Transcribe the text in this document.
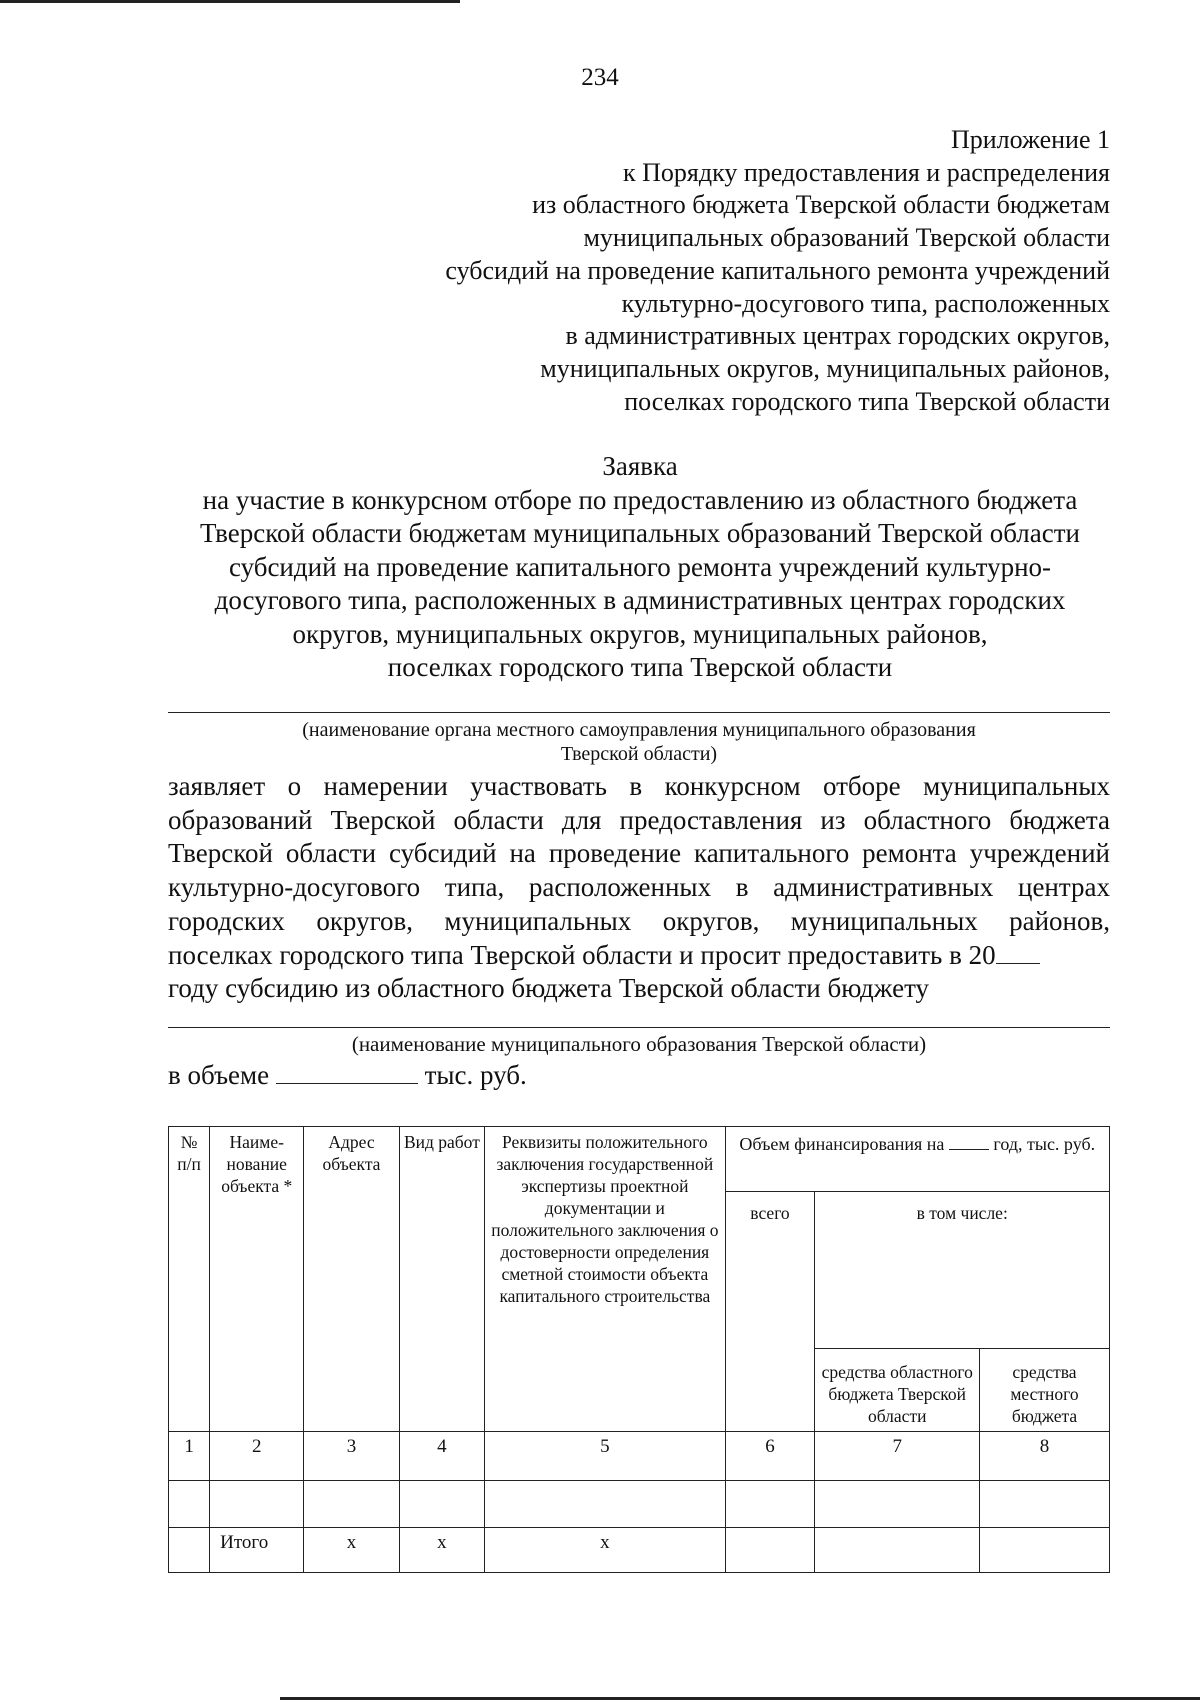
234
Приложение 1
к Порядку предоставления и распределения
из областного бюджета Тверской области бюджетам
муниципальных образований Тверской области
субсидий на проведение капитального ремонта учреждений
культурно-досугового типа, расположенных
в административных центрах городских округов,
муниципальных округов, муниципальных районов,
поселках городского типа Тверской области
Заявка
на участие в конкурсном отборе по предоставлению из областного бюджета
Тверской области бюджетам муниципальных образований Тверской области
субсидий на проведение капитального ремонта учреждений культурно-
досугового типа, расположенных в административных центрах городских
округов, муниципальных округов, муниципальных районов,
поселках городского типа Тверской области
(наименование органа местного самоуправления муниципального образования
Тверской области)
заявляет о намерении участвовать в конкурсном отборе муниципальных
образований Тверской области для предоставления из областного бюджета
Тверской области субсидий на проведение капитального ремонта учреждений
культурно-досугового типа, расположенных в административных центрах
городских округов, муниципальных округов, муниципальных районов,
поселках городского типа Тверской области и просит предоставить в 20
году субсидию из областного бюджета Тверской области бюджету
(наименование муниципального образования Тверской области)
в объеме	тыс. руб.
№ п/п	Наиме-нование объекта *	Адрес объекта	Вид работ	Реквизиты положительного заключения государственной экспертизы проектной документации и положительного заключения о достоверности определения сметной стоимости объекта капитального строительства	Объем финансирования на год, тыс. руб.		
					всего	в том числе:	
						средства областного бюджета Тверской области	средства местного бюджета
1	2	3	4	5	6	7	8

	Итого	х	х	х			
